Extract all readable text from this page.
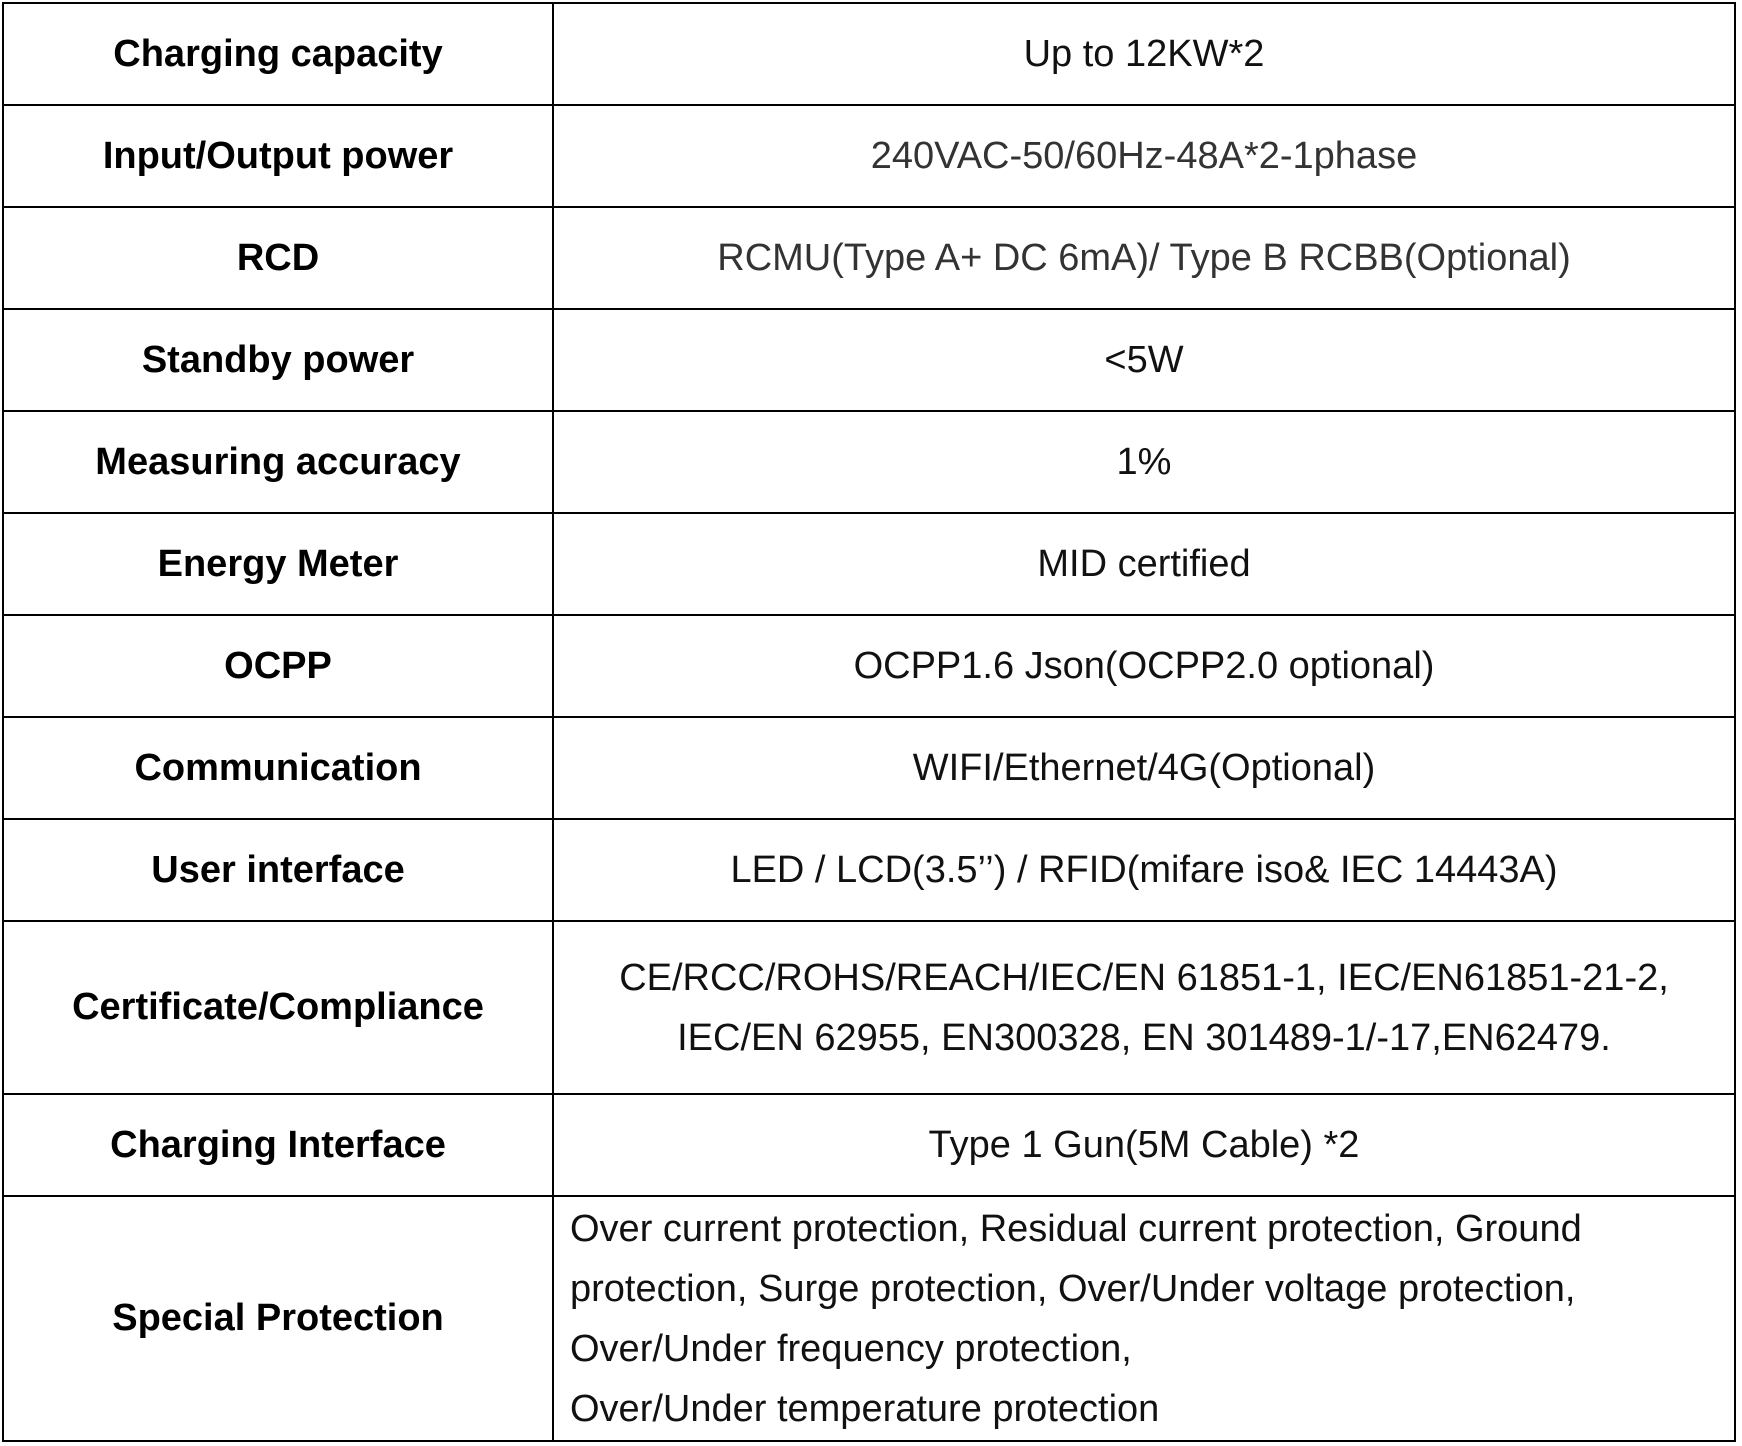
Charging capacity	Up to 12KW*2
Input/Output power	240VAC-50/60Hz-48A*2-1phase
RCD	RCMU(Type A+ DC 6mA)/ Type B RCBB(Optional)
Standby power	<5W
Measuring accuracy	1%
Energy Meter	MID certified
OCPP	OCPP1.6 Json(OCPP2.0 optional)
Communication	WIFI/Ethernet/4G(Optional)
User interface	LED / LCD(3.5’’) / RFID(mifare iso& IEC 14443A)
Certificate/Compliance	CE/RCC/ROHS/REACH/IEC/EN 61851-1, IEC/EN61851-21-2,
IEC/EN 62955, EN300328, EN 301489-1/-17,EN62479.

Charging Interface	Type 1 Gun(5M Cable) *2
Special Protection	Over current protection, Residual current protection, Ground
protection, Surge protection, Over/Under voltage protection,
Over/Under frequency protection,
Over/Under temperature protection
